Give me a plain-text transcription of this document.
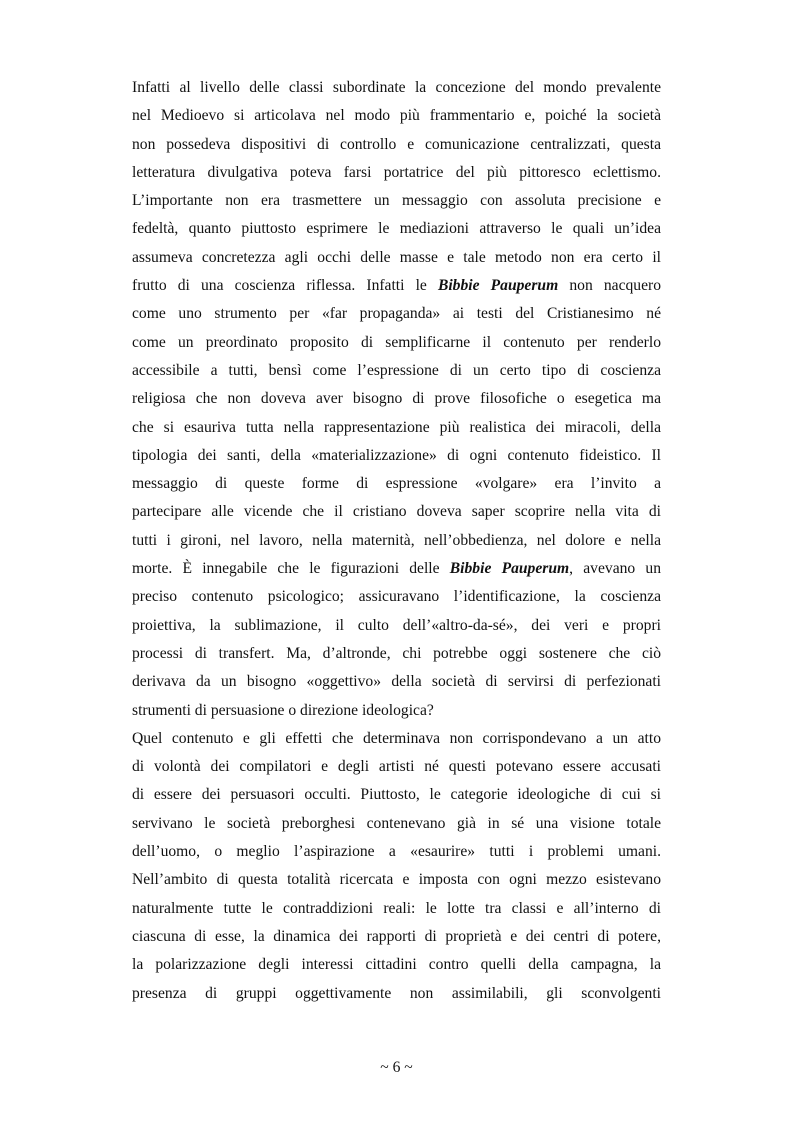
Infatti al livello delle classi subordinate la concezione del mondo prevalente
nel Medioevo si articolava nel modo più frammentario e, poiché la società
non possedeva dispositivi di controllo e comunicazione centralizzati, questa
letteratura divulgativa poteva farsi portatrice del più pittoresco eclettismo.
L’importante non era trasmettere un messaggio con assoluta precisione e
fedeltà, quanto piuttosto esprimere le mediazioni attraverso le quali un’idea
assumeva concretezza agli occhi delle masse e tale metodo non era certo il
frutto di una coscienza riflessa. Infatti le Bibbie Pauperum non nacquero
come uno strumento per «far propaganda» ai testi del Cristianesimo né
come un preordinato proposito di semplificarne il contenuto per renderlo
accessibile a tutti, bensì come l’espressione di un certo tipo di coscienza
religiosa che non doveva aver bisogno di prove filosofiche o esegetica ma
che si esauriva tutta nella rappresentazione più realistica dei miracoli, della
tipologia dei santi, della «materializzazione» di ogni contenuto fideistico. Il
messaggio di queste forme di espressione «volgare» era l’invito a
partecipare alle vicende che il cristiano doveva saper scoprire nella vita di
tutti i gironi, nel lavoro, nella maternità, nell’obbedienza, nel dolore e nella
morte. È innegabile che le figurazioni delle Bibbie Pauperum, avevano un
preciso contenuto psicologico; assicuravano l’identificazione, la coscienza
proiettiva, la sublimazione, il culto dell’«altro-da-sé», dei veri e propri
processi di transfert. Ma, d’altronde, chi potrebbe oggi sostenere che ciò
derivava da un bisogno «oggettivo» della società di servirsi di perfezionati
strumenti di persuasione o direzione ideologica?
Quel contenuto e gli effetti che determinava non corrispondevano a un atto
di volontà dei compilatori e degli artisti né questi potevano essere accusati
di essere dei persuasori occulti. Piuttosto, le categorie ideologiche di cui si
servivano le società preborghesi contenevano già in sé una visione totale
dell’uomo, o meglio l’aspirazione a «esaurire» tutti i problemi umani.
Nell’ambito di questa totalità ricercata e imposta con ogni mezzo esistevano
naturalmente tutte le contraddizioni reali: le lotte tra classi e all’interno di
ciascuna di esse, la dinamica dei rapporti di proprietà e dei centri di potere,
la polarizzazione degli interessi cittadini contro quelli della campagna, la
presenza di gruppi oggettivamente non assimilabili, gli sconvolgenti
~ 6 ~
